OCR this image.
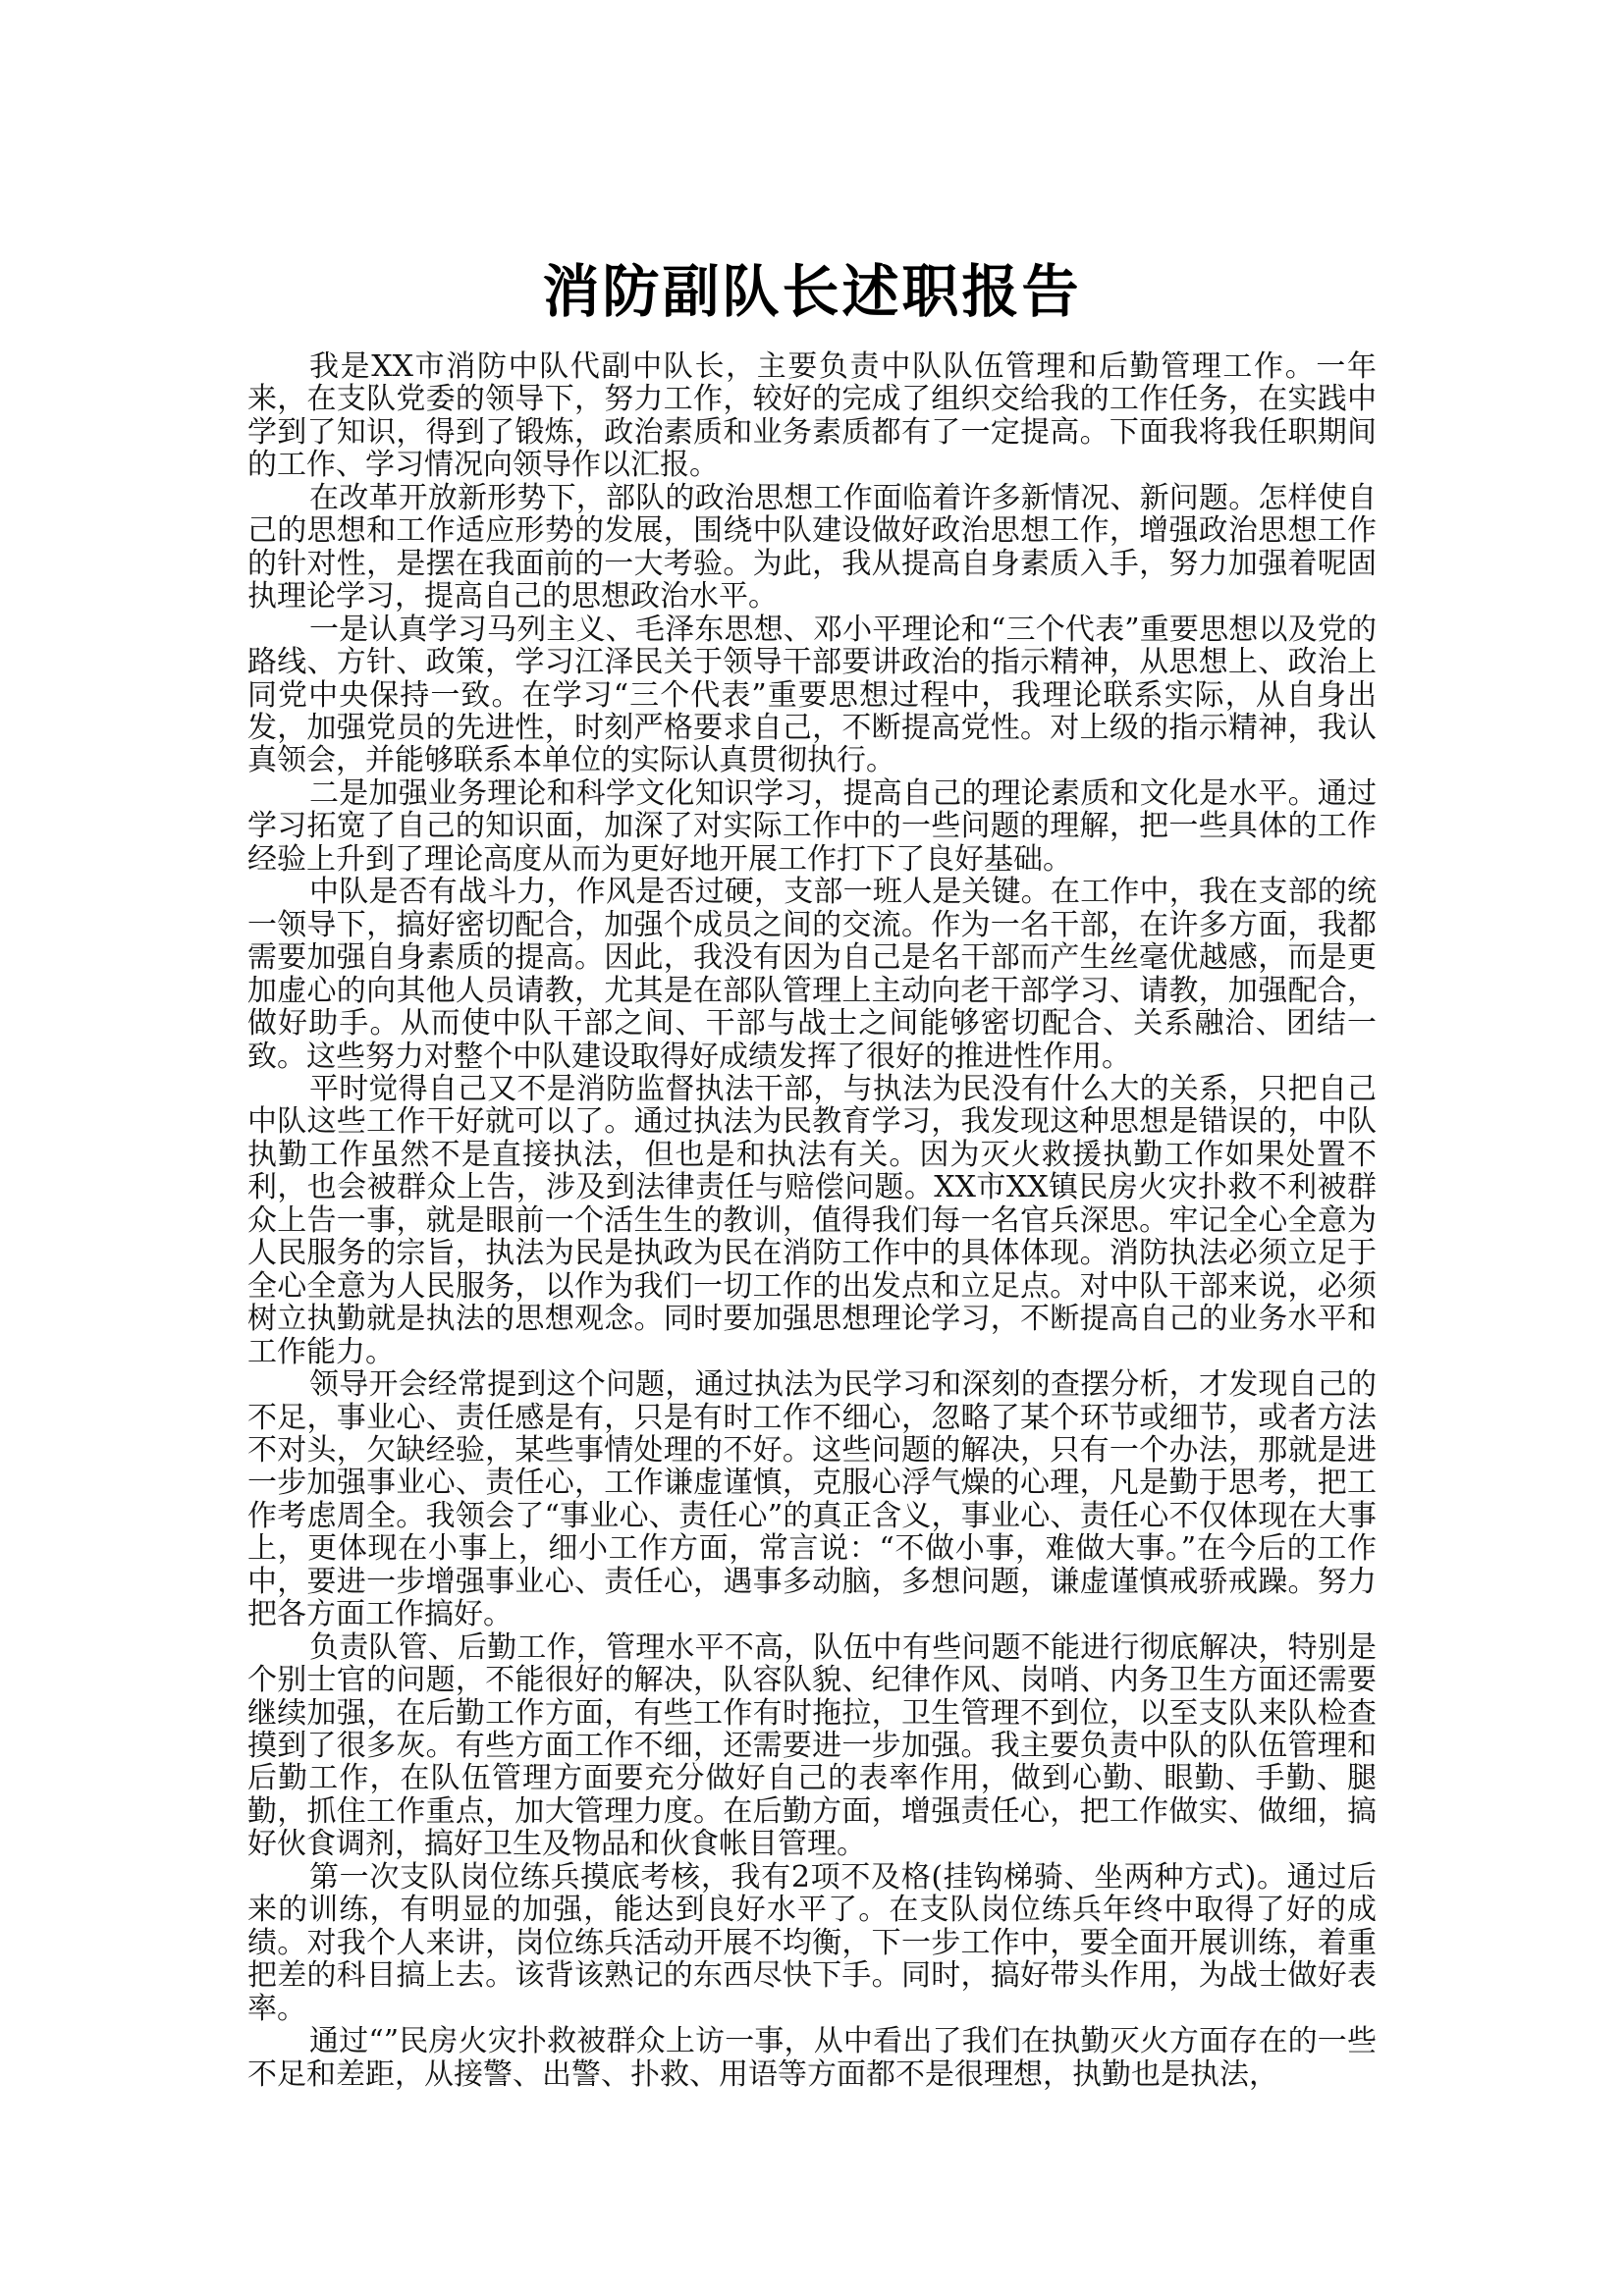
消防副队长述职报告

我是XX市消防中队代副中队长，主要负责中队队伍管理和后勤管理工作。一年来，在支队党委的领导下，努力工作，较好的完成了组织交给我的工作任务，在实践中学到了知识，得到了锻炼，政治素质和业务素质都有了一定提高。下面我将我任职期间的工作、学习情况向领导作以汇报。

在改革开放新形势下，部队的政治思想工作面临着许多新情况、新问题。怎样使自己的思想和工作适应形势的发展，围绕中队建设做好政治思想工作，增强政治思想工作的针对性，是摆在我面前的一大考验。为此，我从提高自身素质入手，努力加强着呢固执理论学习，提高自己的思想政治水平。

一是认真学习马列主义、毛泽东思想、邓小平理论和“三个代表”重要思想以及党的路线、方针、政策，学习江泽民关于领导干部要讲政治的指示精神，从思想上、政治上同党中央保持一致。在学习“三个代表”重要思想过程中，我理论联系实际，从自身出发，加强党员的先进性，时刻严格要求自己，不断提高党性。对上级的指示精神，我认真领会，并能够联系本单位的实际认真贯彻执行。

二是加强业务理论和科学文化知识学习，提高自己的理论素质和文化是水平。通过学习拓宽了自己的知识面，加深了对实际工作中的一些问题的理解，把一些具体的工作经验上升到了理论高度从而为更好地开展工作打下了良好基础。

中队是否有战斗力，作风是否过硬，支部一班人是关键。在工作中，我在支部的统一领导下，搞好密切配合，加强个成员之间的交流。作为一名干部，在许多方面，我都需要加强自身素质的提高。因此，我没有因为自己是名干部而产生丝毫优越感，而是更加虚心的向其他人员请教，尤其是在部队管理上主动向老干部学习、请教，加强配合，做好助手。从而使中队干部之间、干部与战士之间能够密切配合、关系融洽、团结一致。这些努力对整个中队建设取得好成绩发挥了很好的推进性作用。

平时觉得自己又不是消防监督执法干部，与执法为民没有什么大的关系，只把自己中队这些工作干好就可以了。通过执法为民教育学习，我发现这种思想是错误的，中队执勤工作虽然不是直接执法，但也是和执法有关。因为灭火救援执勤工作如果处置不利，也会被群众上告，涉及到法律责任与赔偿问题。XX市XX镇民房火灾扑救不利被群众上告一事，就是眼前一个活生生的教训，值得我们每一名官兵深思。牢记全心全意为人民服务的宗旨，执法为民是执政为民在消防工作中的具体体现。消防执法必须立足于全心全意为人民服务，以作为我们一切工作的出发点和立足点。对中队干部来说，必须树立执勤就是执法的思想观念。同时要加强思想理论学习，不断提高自己的业务水平和工作能力。

领导开会经常提到这个问题，通过执法为民学习和深刻的查摆分析，才发现自己的不足，事业心、责任感是有，只是有时工作不细心，忽略了某个环节或细节，或者方法不对头，欠缺经验，某些事情处理的不好。这些问题的解决，只有一个办法，那就是进一步加强事业心、责任心，工作谦虚谨慎，克服心浮气燥的心理，凡是勤于思考，把工作考虑周全。我领会了“事业心、责任心”的真正含义，事业心、责任心不仅体现在大事上，更体现在小事上，细小工作方面，常言说：“不做小事，难做大事。”在今后的工作中，要进一步增强事业心、责任心，遇事多动脑，多想问题，谦虚谨慎戒骄戒躁。努力把各方面工作搞好。

负责队管、后勤工作，管理水平不高，队伍中有些问题不能进行彻底解决，特别是个别士官的问题，不能很好的解决，队容队貌、纪律作风、岗哨、内务卫生方面还需要继续加强，在后勤工作方面，有些工作有时拖拉，卫生管理不到位，以至支队来队检查摸到了很多灰。有些方面工作不细，还需要进一步加强。我主要负责中队的队伍管理和后勤工作，在队伍管理方面要充分做好自己的表率作用，做到心勤、眼勤、手勤、腿勤，抓住工作重点，加大管理力度。在后勤方面，增强责任心，把工作做实、做细，搞好伙食调剂，搞好卫生及物品和伙食帐目管理。

第一次支队岗位练兵摸底考核，我有2项不及格(挂钩梯骑、坐两种方式)。通过后来的训练，有明显的加强，能达到良好水平了。在支队岗位练兵年终中取得了好的成绩。对我个人来讲，岗位练兵活动开展不均衡，下一步工作中，要全面开展训练，着重把差的科目搞上去。该背该熟记的东西尽快下手。同时，搞好带头作用，为战士做好表率。

通过“”民房火灾扑救被群众上访一事，从中看出了我们在执勤灭火方面存在的一些不足和差距，从接警、出警、扑救、用语等方面都不是很理想，执勤也是执法，
